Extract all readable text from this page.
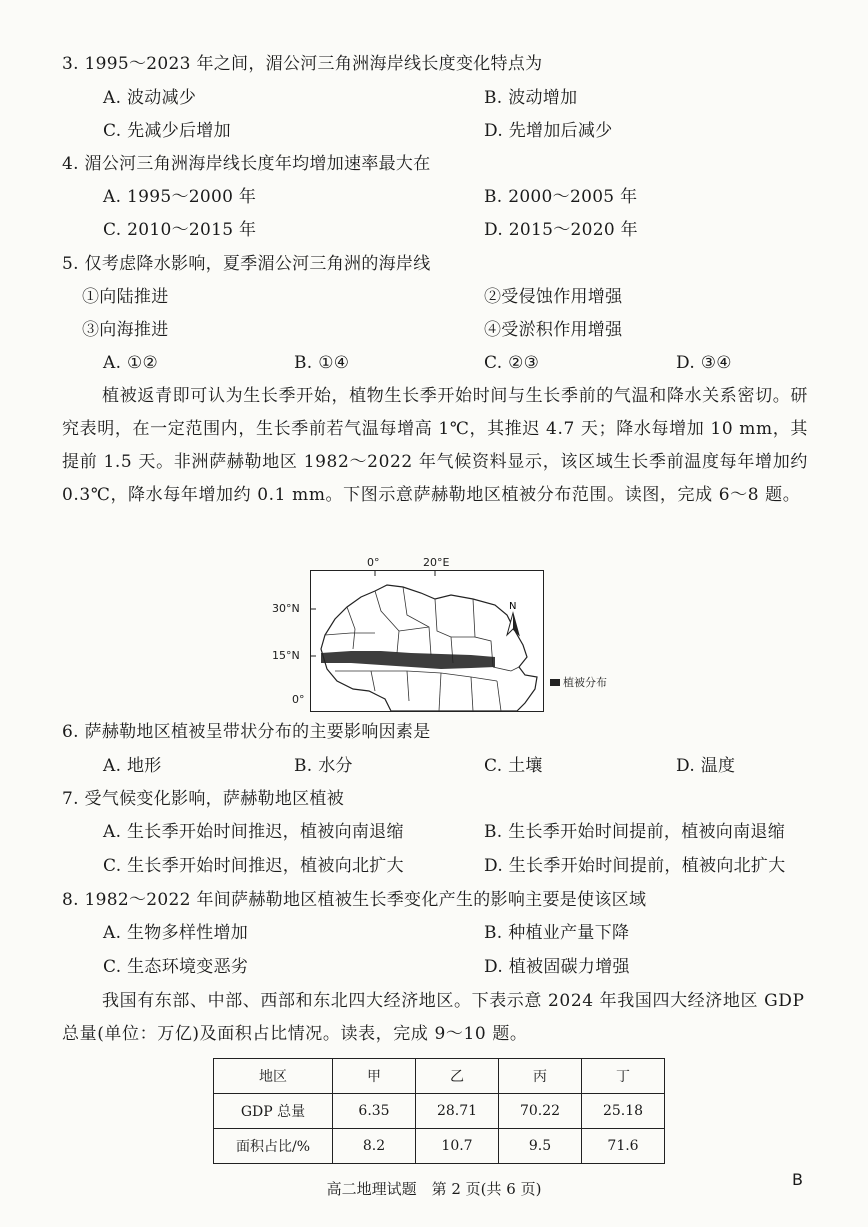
3. 1995～2023 年之间，湄公河三角洲海岸线长度变化特点为
A. 波动减少	B. 波动增加
C. 先减少后增加	D. 先增加后减少
4. 湄公河三角洲海岸线长度年均增加速率最大在
A. 1995～2000 年	B. 2000～2005 年
C. 2010～2015 年	D. 2015～2020 年
5. 仅考虑降水影响，夏季湄公河三角洲的海岸线
①向陆推进	②受侵蚀作用增强
③向海推进	④受淤积作用增强
A. ①②	B. ①④	C. ②③	D. ③④
植被返青即可认为生长季开始，植物生长季开始时间与生长季前的气温和降水关系密切。研究表明，在一定范围内，生长季前若气温每增高 1℃，其推迟 4.7 天；降水每增加 10 mm，其提前 1.5 天。非洲萨赫勒地区 1982～2022 年气候资料显示，该区域生长季前温度每年增加约 0.3℃，降水每年增加约 0.1 mm。下图示意萨赫勒地区植被分布范围。读图，完成 6～8 题。
0°	20°E
30°N
15°N
0°
N
植被分布
6. 萨赫勒地区植被呈带状分布的主要影响因素是
A. 地形	B. 水分	C. 土壤	D. 温度
7. 受气候变化影响，萨赫勒地区植被
A. 生长季开始时间推迟，植被向南退缩	B. 生长季开始时间提前，植被向南退缩
C. 生长季开始时间推迟，植被向北扩大	D. 生长季开始时间提前，植被向北扩大
8. 1982～2022 年间萨赫勒地区植被生长季变化产生的影响主要是使该区域
A. 生物多样性增加	B. 种植业产量下降
C. 生态环境变恶劣	D. 植被固碳力增强
我国有东部、中部、西部和东北四大经济地区。下表示意 2024 年我国四大经济地区 GDP 总量(单位：万亿)及面积占比情况。读表，完成 9～10 题。
地区	甲	乙	丙	丁
GDP 总量	6.35	28.71	70.22	25.18
面积占比/%	8.2	10.7	9.5	71.6
高二地理试题　第 2 页(共 6 页)	B
